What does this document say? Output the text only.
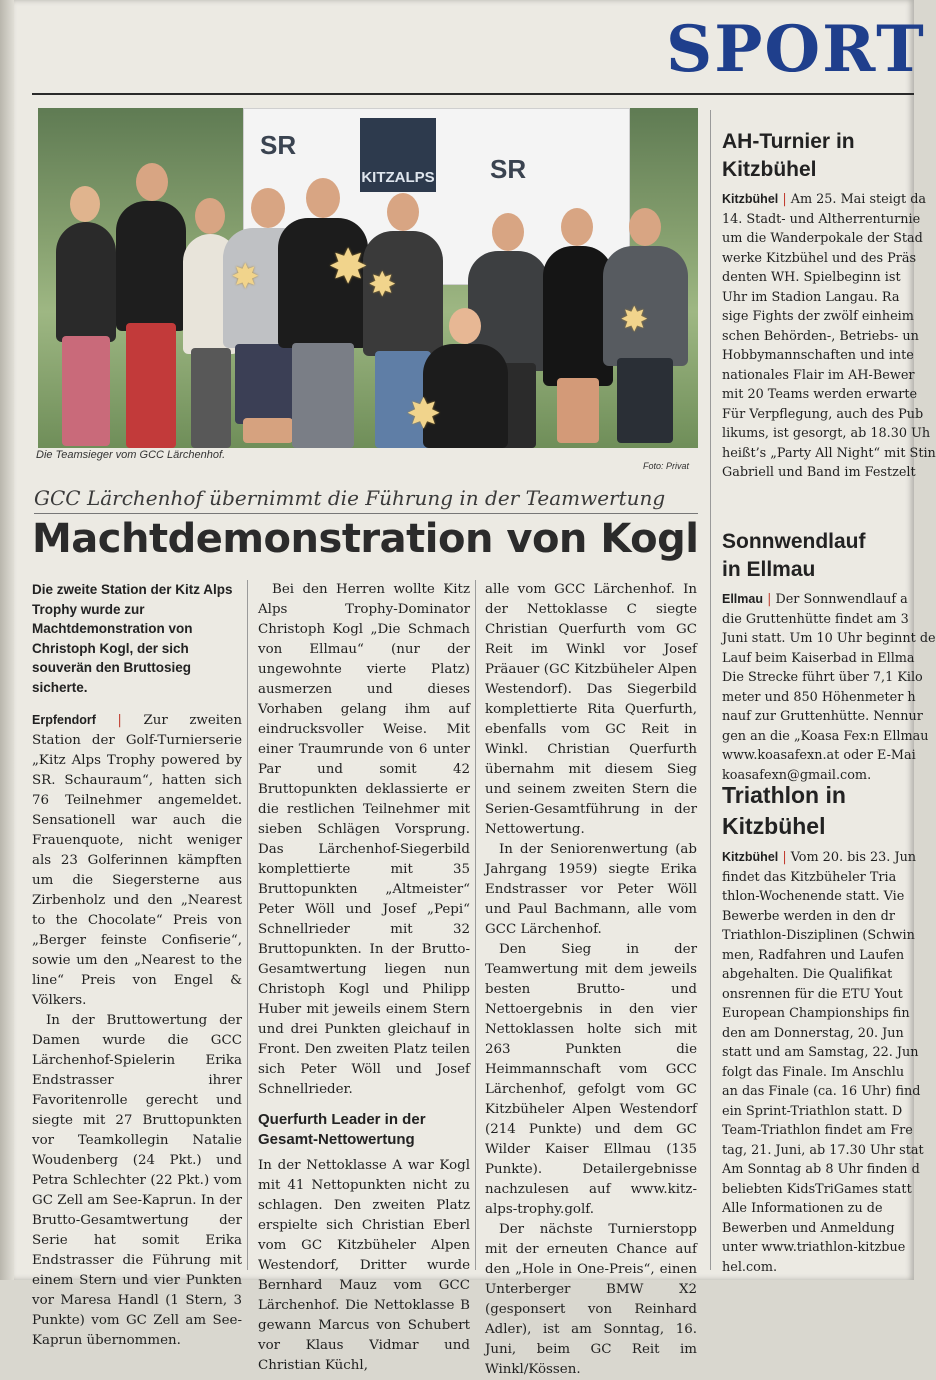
SPORT
SR
KITZALPS SR
✸ ✸ ✸
✸
✸
Die Teamsieger vom GCC Lärchenhof.
Foto: Privat
GCC Lärchenhof übernimmt die Führung in der Teamwertung
Machtdemonstration von Kogl
Die zweite Station der Kitz Alps Trophy wurde zur Machtdemonstration von Christoph Kogl, der sich souverän den Bruttosieg sicherte.

Erpfendorf | Zur zweiten Station der Golf-Turnierserie „Kitz Alps Trophy powered by SR. Schauraum“, hatten sich 76 Teilnehmer angemeldet. Sensationell war auch die Frauenquote, nicht weniger als 23 Golferinnen kämpften um die Siegersterne aus Zirbenholz und den „Nearest to the Chocolate“ Preis von „Berger feinste Confiserie“, sowie um den „Nearest to the line“ Preis von Engel & Völkers.

In der Bruttowertung der Damen wurde die GCC Lärchenhof-Spielerin Erika Endstrasser ihrer Favoritenrolle gerecht und siegte mit 27 Bruttopunkten vor Teamkollegin Natalie Woudenberg (24 Pkt.) und Petra Schlechter (22 Pkt.) vom GC Zell am See-Kaprun. In der Brutto-Gesamtwertung der Serie hat somit Erika Endstrasser die Führung mit einem Stern und vier Punkten vor Maresa Handl (1 Stern, 3 Punkte) vom GC Zell am See-Kaprun übernommen.

Bei den Herren wollte Kitz Alps Trophy-Dominator Christoph Kogl „Die Schmach von Ellmau“ (nur der ungewohnte vierte Platz) ausmerzen und dieses Vorhaben gelang ihm auf eindrucksvoller Weise. Mit einer Traumrunde von 6 unter Par und somit 42 Bruttopunkten deklassierte er die restlichen Teilnehmer mit sieben Schlägen Vorsprung. Das Lärchenhof-Siegerbild komplettierte mit 35 Bruttopunkten „Altmeister“ Peter Wöll und Josef „Pepi“ Schnellrieder mit 32 Bruttopunkten. In der Brutto-Gesamtwertung liegen nun Christoph Kogl und Philipp Huber mit jeweils einem Stern und drei Punkten gleichauf in Front. Den zweiten Platz teilen sich Peter Wöll und Josef Schnellrieder.

Querfurth Leader in der Gesamt-Nettowertung

In der Nettoklasse A war Kogl mit 41 Nettopunkten nicht zu schlagen. Den zweiten Platz erspielte sich Christian Eberl vom GC Kitzbüheler Alpen Westendorf, Dritter wurde Bernhard Mauz vom GCC Lärchenhof. Die Nettoklasse B gewann Marcus von Schubert vor Klaus Vidmar und Christian Küchl,

alle vom GCC Lärchenhof. In der Nettoklasse C siegte Christian Querfurth vom GC Reit im Winkl vor Josef Präauer (GC Kitzbüheler Alpen Westendorf). Das Siegerbild komplettierte Rita Querfurth, ebenfalls vom GC Reit in Winkl. Christian Querfurth übernahm mit diesem Sieg und seinem zweiten Stern die Serien-Gesamtführung in der Nettowertung.

In der Seniorenwertung (ab Jahrgang 1959) siegte Erika Endstrasser vor Peter Wöll und Paul Bachmann, alle vom GCC Lärchenhof.

Den Sieg in der Teamwertung mit dem jeweils besten Brutto- und Nettoergebnis in den vier Nettoklassen holte sich mit 263 Punkten die Heimmannschaft vom GCC Lärchenhof, gefolgt vom GC Kitzbüheler Alpen Westendorf (214 Punkte) und dem GC Wilder Kaiser Ellmau (135 Punkte). Detailergebnisse nachzulesen auf www.kitz-alps-trophy.golf.

Der nächste Turnierstopp mit der erneuten Chance auf den „Hole in One-Preis“, einen Unterberger BMW X2 (gesponsert von Reinhard Adler), ist am Sonntag, 16. Juni, beim GC Reit im Winkl/Kössen.

AH-Turnier in Kitzbühel

Kitzbühel | Am 25. Mai steigt da

14. Stadt- und Altherrenturnie

um die Wanderpokale der Stad

werke Kitzbühel und des Präs

denten WH. Spielbeginn ist

Uhr im Stadion Langau. Ra

sige Fights der zwölf einheim

schen Behörden-, Betriebs- un

Hobbymannschaften und inte

nationales Flair im AH-Bewer

mit 20 Teams werden erwarte

Für Verpflegung, auch des Pub

likums, ist gesorgt, ab 18.30 Uh

heißt’s „Party All Night“ mit Stin

Gabriell und Band im Festzelt

Sonnwendlauf in Ellmau

Ellmau | Der Sonnwendlauf a

die Gruttenhütte findet am 3

Juni statt. Um 10 Uhr beginnt de

Lauf beim Kaiserbad in Ellma

Die Strecke führt über 7,1 Kilo

meter und 850 Höhenmeter h

nauf zur Gruttenhütte. Nennur

gen an die „Koasa Fex:n Ellmau

www.koasafexn.at oder E-Mai

koasafexn@gmail.com.

Triathlon in Kitzbühel

Kitzbühel | Vom 20. bis 23. Jun

findet das Kitzbüheler Tria

thlon-Wochenende statt. Vie

Bewerbe werden in den dr

Triathlon-Disziplinen (Schwin

men, Radfahren und Laufen

abgehalten. Die Qualifikat

onsrennen für die ETU Yout

European Championships fin

den am Donnerstag, 20. Jun

statt und am Samstag, 22. Jun

folgt das Finale. Im Anschlu

an das Finale (ca. 16 Uhr) find

ein Sprint-Triathlon statt. D

Team-Triathlon findet am Fre

tag, 21. Juni, ab 17.30 Uhr stat

Am Sonntag ab 8 Uhr finden d

beliebten KidsTriGames statt

Alle Informationen zu de

Bewerben und Anmeldung

unter www.triathlon-kitzbue

hel.com.
